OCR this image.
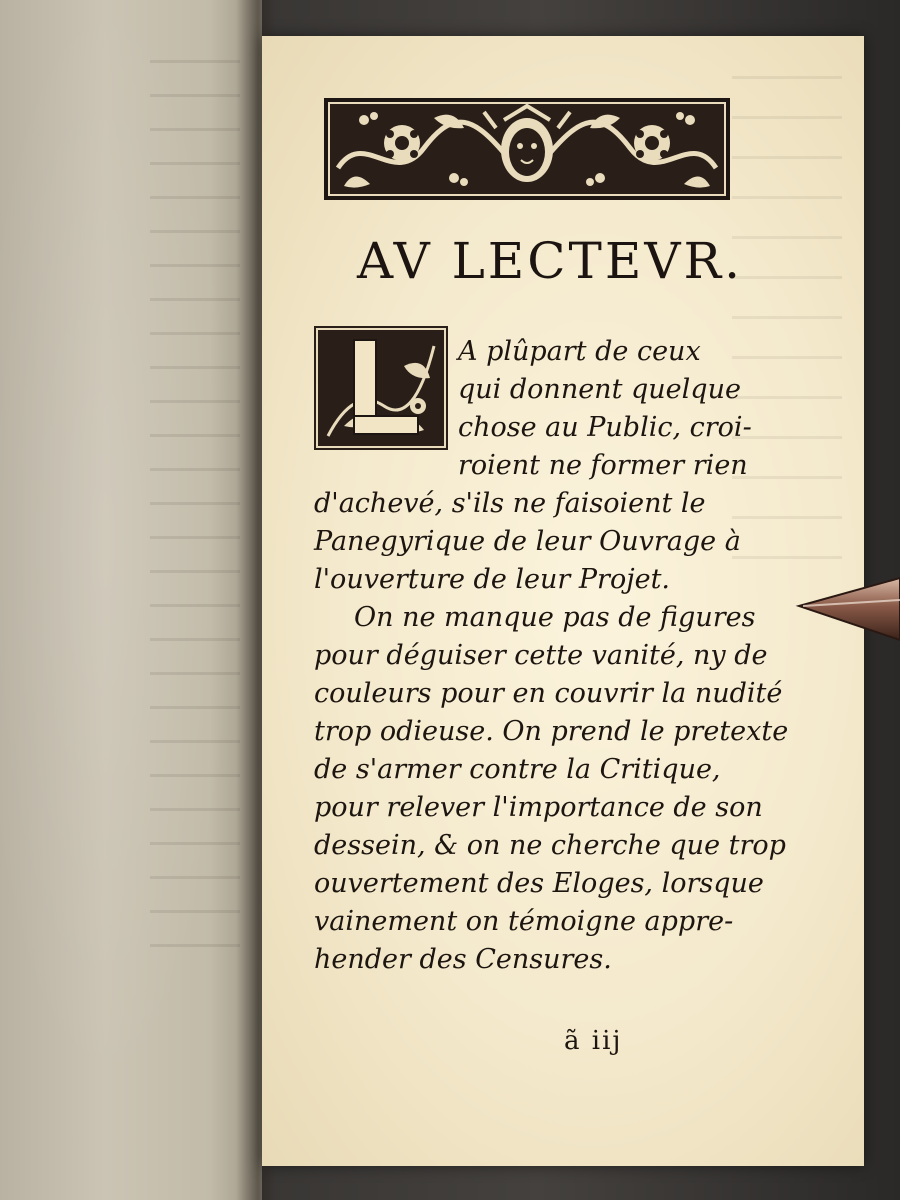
AV LECTEVR.

A plûpart de ceux

qui donnent quelque

chose au Public, croi-

roient ne former rien

d'achevé, s'ils ne faisoient le

Panegyrique de leur Ouvrage à

l'ouverture de leur Projet.

On ne manque pas de figures

pour déguiser cette vanité, ny de

couleurs pour en couvrir la nudité

trop odieuse. On prend le pretexte

de s'armer contre la Critique,

pour relever l'importance de son

dessein, & on ne cherche que trop

ouvertement des Eloges, lorsque

vainement on témoigne appre-

hender des Censures.

ã iij
